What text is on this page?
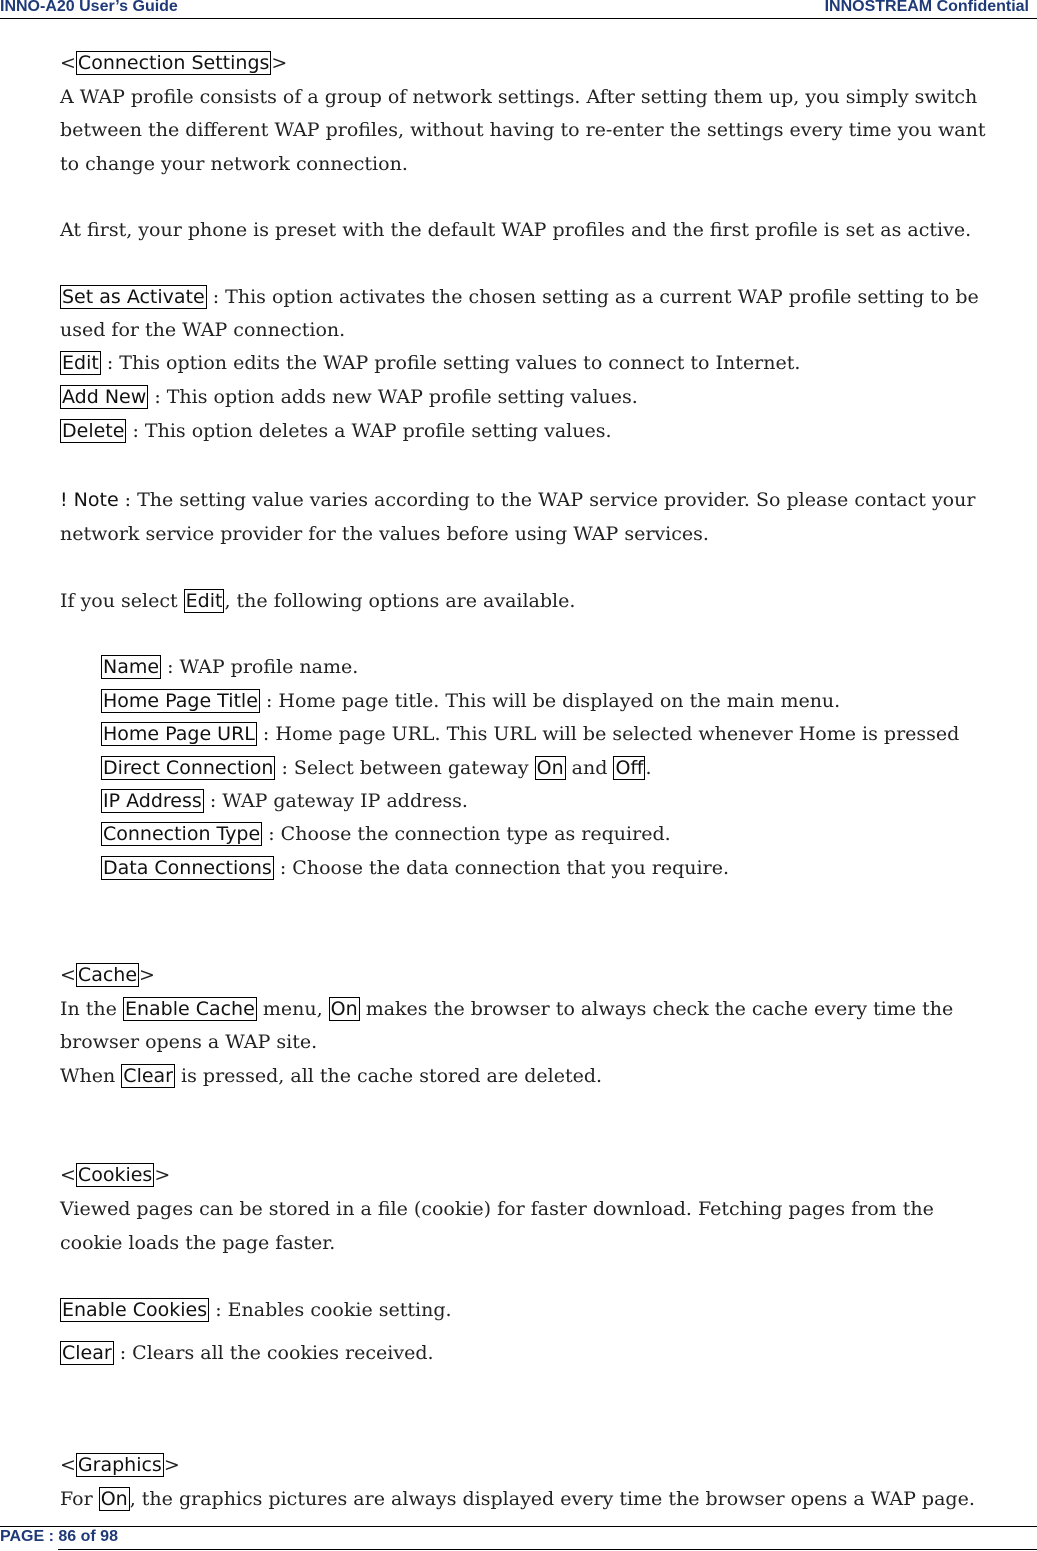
INNO-A20 User’s Guide	INNOSTREAM Confidential
< Connection Settings >
A WAP profile consists of a group of network settings. After setting them up, you simply switch
between the different WAP profiles, without having to re-enter the settings every time you want
to change your network connection.
At first, your phone is preset with the default WAP profiles and the first profile is set as active.
Set as Activate : This option activates the chosen setting as a current WAP profile setting to be
used for the WAP connection.
Edit : This option edits the WAP profile setting values to connect to Internet.
Add New : This option adds new WAP profile setting values.
Delete : This option deletes a WAP profile setting values.
! Note : The setting value varies according to the WAP service provider. So please contact your
network service provider for the values before using WAP services.
If you select Edit , the following options are available.
Name : WAP profile name.
Home Page Title : Home page title. This will be displayed on the main menu.
Home Page URL : Home page URL. This URL will be selected whenever Home is pressed
Direct Connection : Select between gateway On and Off .
IP Address : WAP gateway IP address.
Connection Type : Choose the connection type as required.
Data Connections : Choose the data connection that you require.
< Cache>
In the Enable Cache menu, On makes the browser to always check the cache every time the
browser opens a WAP site.
When Clear is pressed, all the cache stored are deleted.
< Cookies>
Viewed pages can be stored in a file (cookie) for faster download. Fetching pages from the
cookie loads the page faster.
Enable Cookies : Enables cookie setting.
Clear : Clears all the cookies received.
< Graphics>
For On , the graphics pictures are always displayed every time the browser opens a WAP page.
PAGE : 86 of 98
